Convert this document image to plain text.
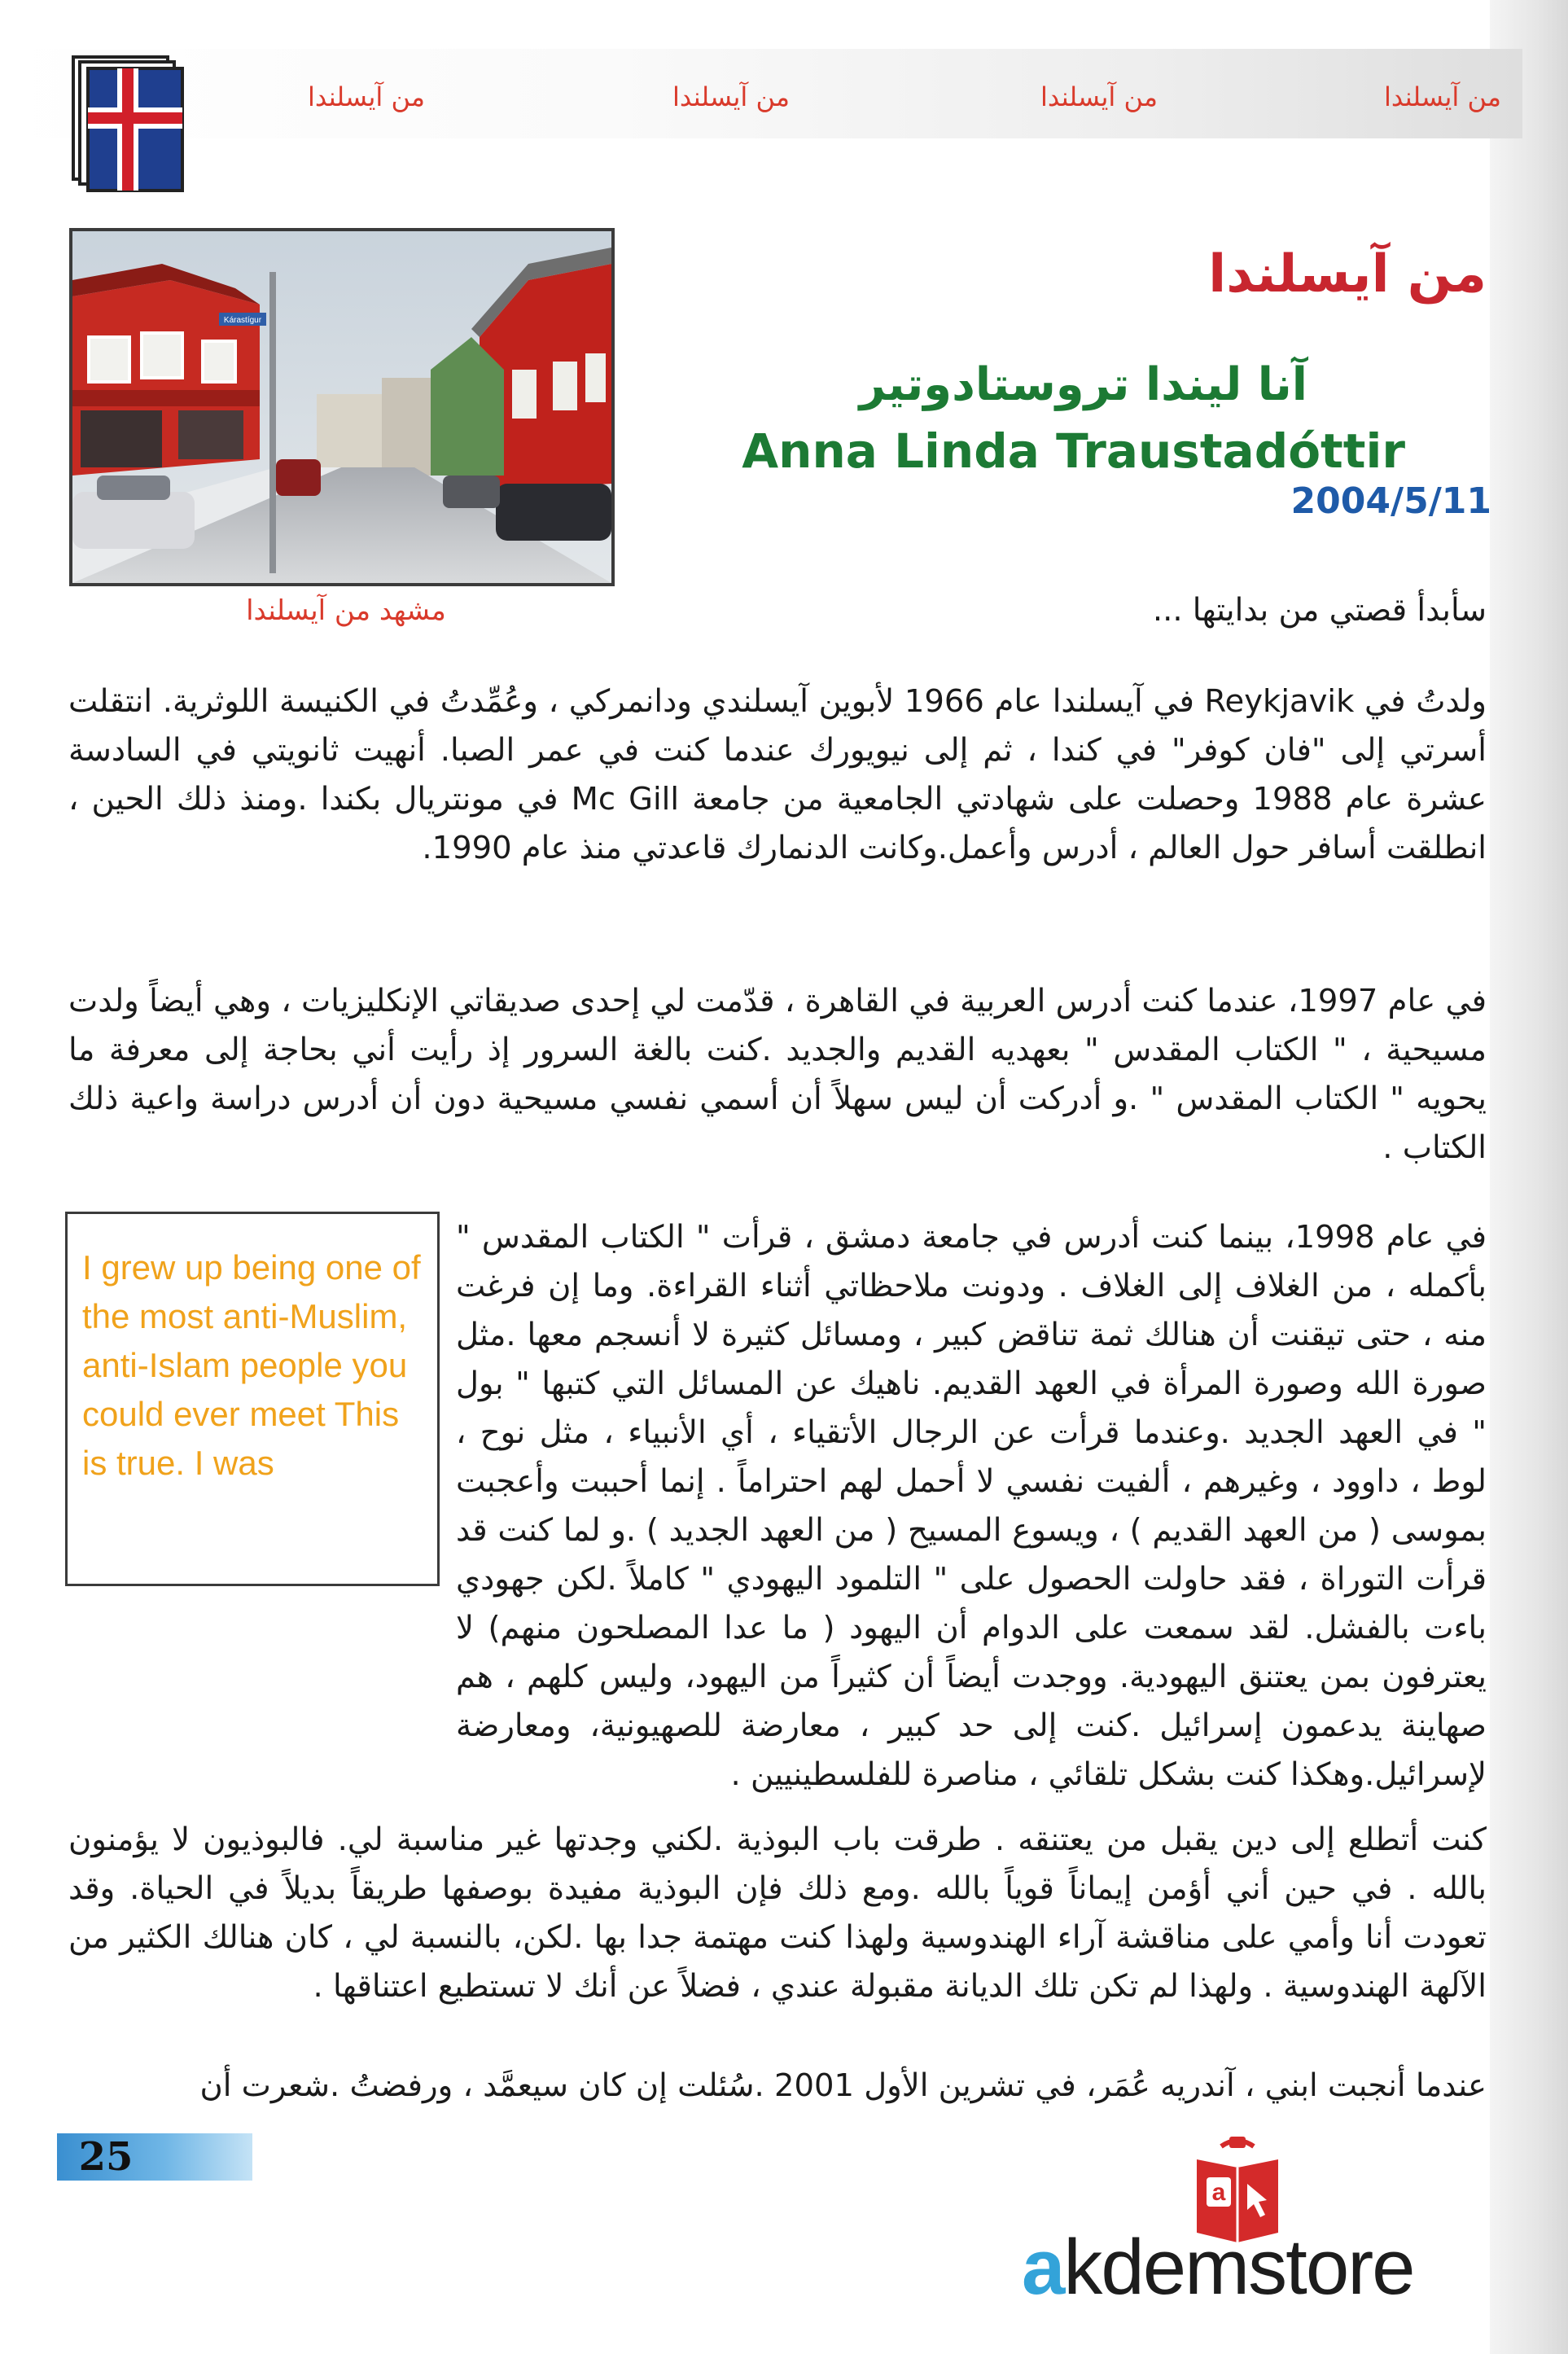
من آيسلندا	من آيسلندا	من آيسلندا	من آيسلندا
Kárastígur
مشهد من آيسلندا
من آيسلندا
آنا ليندا تروستادوتير
Anna Linda Traustadóttir
2004/5/11

سأبدأ قصتي من بدايتها ...

ولدتُ في Reykjavik في آيسلندا عام 1966 لأبوين آيسلندي ودانمركي ، وعُمِّدتُ في الكنيسة اللوثرية. انتقلت أسرتي إلى "فان كوفر" في كندا ، ثم إلى نيويورك عندما كنت في عمر الصبا. أنهيت ثانويتي في السادسة عشرة عام 1988 وحصلت على شهادتي الجامعية من جامعة Mc Gill في مونتريال بكندا .ومنذ ذلك الحين ، انطلقت أسافر حول العالم ، أدرس وأعمل.وكانت الدنمارك قاعدتي منذ عام 1990.

في عام 1997، عندما كنت أدرس العربية في القاهرة ، قدّمت لي إحدى صديقاتي الإنكليزيات ، وهي أيضاً ولدت مسيحية ، " الكتاب المقدس " بعهديه القديم والجديد .كنت بالغة السرور إذ رأيت أني بحاجة إلى معرفة ما يحويه " الكتاب المقدس " .و أدركت أن ليس سهلاً أن أسمي نفسي مسيحية دون أن أدرس دراسة واعية ذلك الكتاب .

في عام 1998، بينما كنت أدرس في جامعة دمشق ، قرأت " الكتاب المقدس " بأكمله ، من الغلاف إلى الغلاف . ودونت ملاحظاتي أثناء القراءة. وما إن فرغت منه ، حتى تيقنت أن هنالك ثمة تناقض كبير ، ومسائل كثيرة لا أنسجم معها .مثل صورة الله وصورة المرأة في العهد القديم. ناهيك عن المسائل التي كتبها " بول " في العهد الجديد .وعندما قرأت عن الرجال الأتقياء ، أي الأنبياء ، مثل نوح ، لوط ، داوود ، وغيرهم ، ألفيت نفسي لا أحمل لهم احتراماً . إنما أحببت وأعجبت بموسى ( من العهد القديم ) ، ويسوع المسيح ( من العهد الجديد ) .و لما كنت قد قرأت التوراة ، فقد حاولت الحصول على " التلمود اليهودي " كاملاً .لكن جهودي باءت بالفشل. لقد سمعت على الدوام أن اليهود ( ما عدا المصلحون منهم) لا يعترفون بمن يعتنق اليهودية. ووجدت أيضاً أن كثيراً من اليهود، وليس كلهم ، هم صهاينة يدعمون إسرائيل .كنت إلى حد كبير ، معارضة للصهيونية، ومعارضة لإسرائيل.وهكذا كنت بشكل تلقائي ، مناصرة للفلسطينيين .

كنت أتطلع إلى دين يقبل من يعتنقه . طرقت باب البوذية .لكني وجدتها غير مناسبة لي. فالبوذيون لا يؤمنون بالله . في حين أني أؤمن إيماناً قوياً بالله .ومع ذلك فإن البوذية مفيدة بوصفها طريقاً بديلاً في الحياة. وقد تعودت أنا وأمي على مناقشة آراء الهندوسية ولهذا كنت مهتمة جدا بها .لكن، بالنسبة لي ، كان هنالك الكثير من الآلهة الهندوسية . ولهذا لم تكن تلك الديانة مقبولة عندي ، فضلاً عن أنك لا تستطيع اعتناقها .

عندما أنجبت ابني ، آندريه عُمَر، في تشرين الأول 2001 .سُئلت إن كان سيعمَّد ، ورفضتُ .شعرت أن

I grew up being one of the most anti-Muslim, anti-Islam people you could ever meet This is true. I was

25
a
akdemstore
